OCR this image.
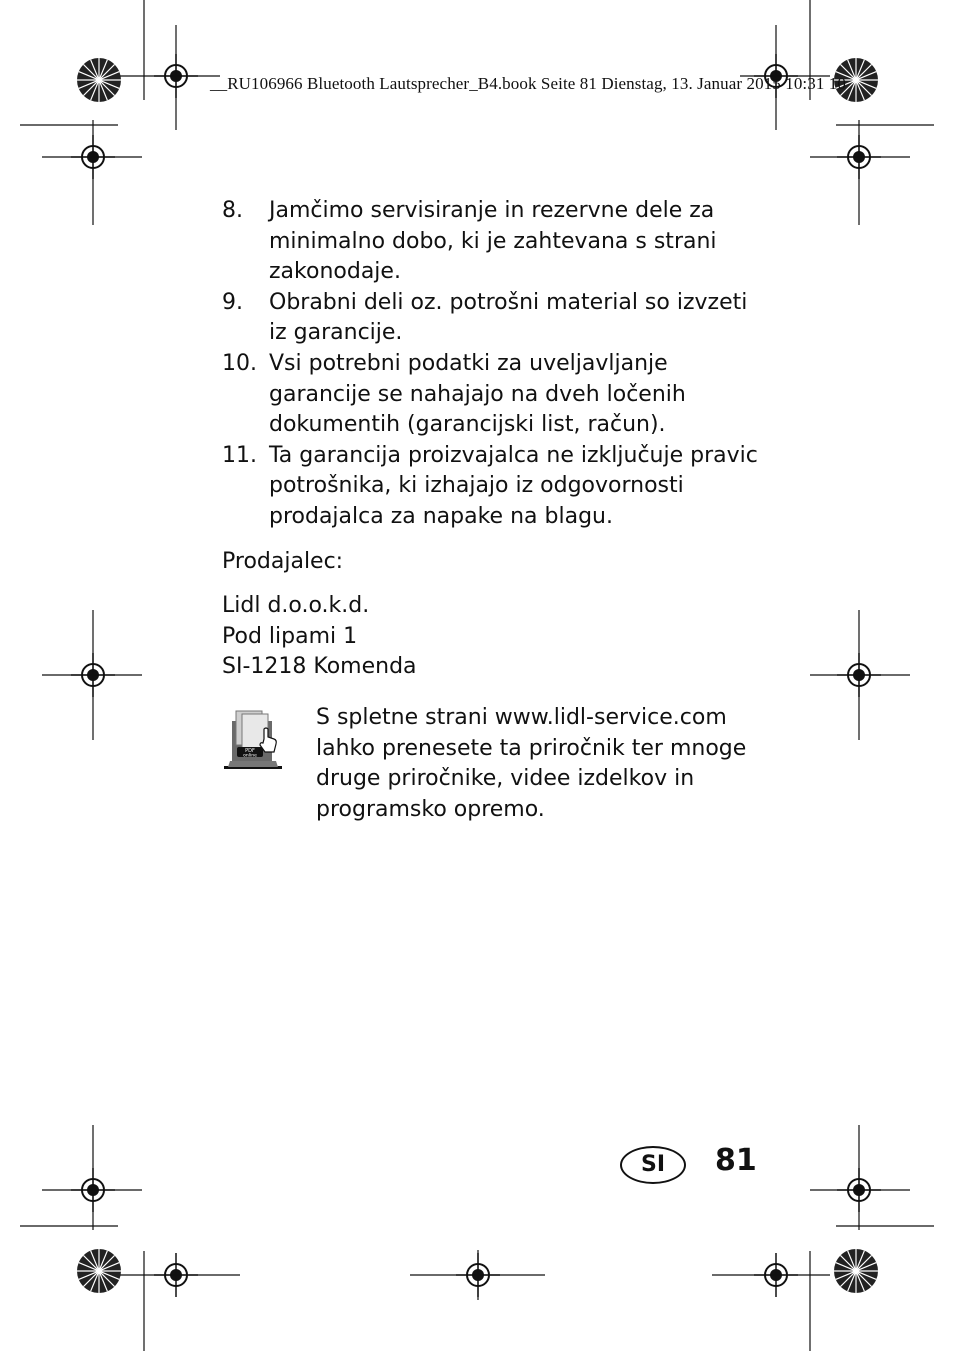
__RU106966 Bluetooth Lautsprecher_B4.book Seite 81 Dienstag, 13. Januar 2015 10:31 10
8.	Jamčimo servisiranje in rezervne dele za minimalno dobo, ki je zahtevana s strani zakonodaje.
9.	Obrabni deli oz. potrošni material so izvzeti iz garancije.
10. Vsi potrebni podatki za uveljavljanje garancije se nahajajo na dveh ločenih dokumentih (garancijski list, račun).
11. Ta garancija proizvajalca ne izključuje pravic potrošnika, ki izhajajo iz odgovornosti prodajalca za napake na blagu.
Prodajalec:
Lidl d.o.o.k.d.
Pod lipami 1
SI-1218 Komenda
PDF
online
S spletne strani www.lidl-service.com lahko prenesete ta priročnik ter mnoge druge priročnike, videe izdelkov in programsko opremo.
SI	81
